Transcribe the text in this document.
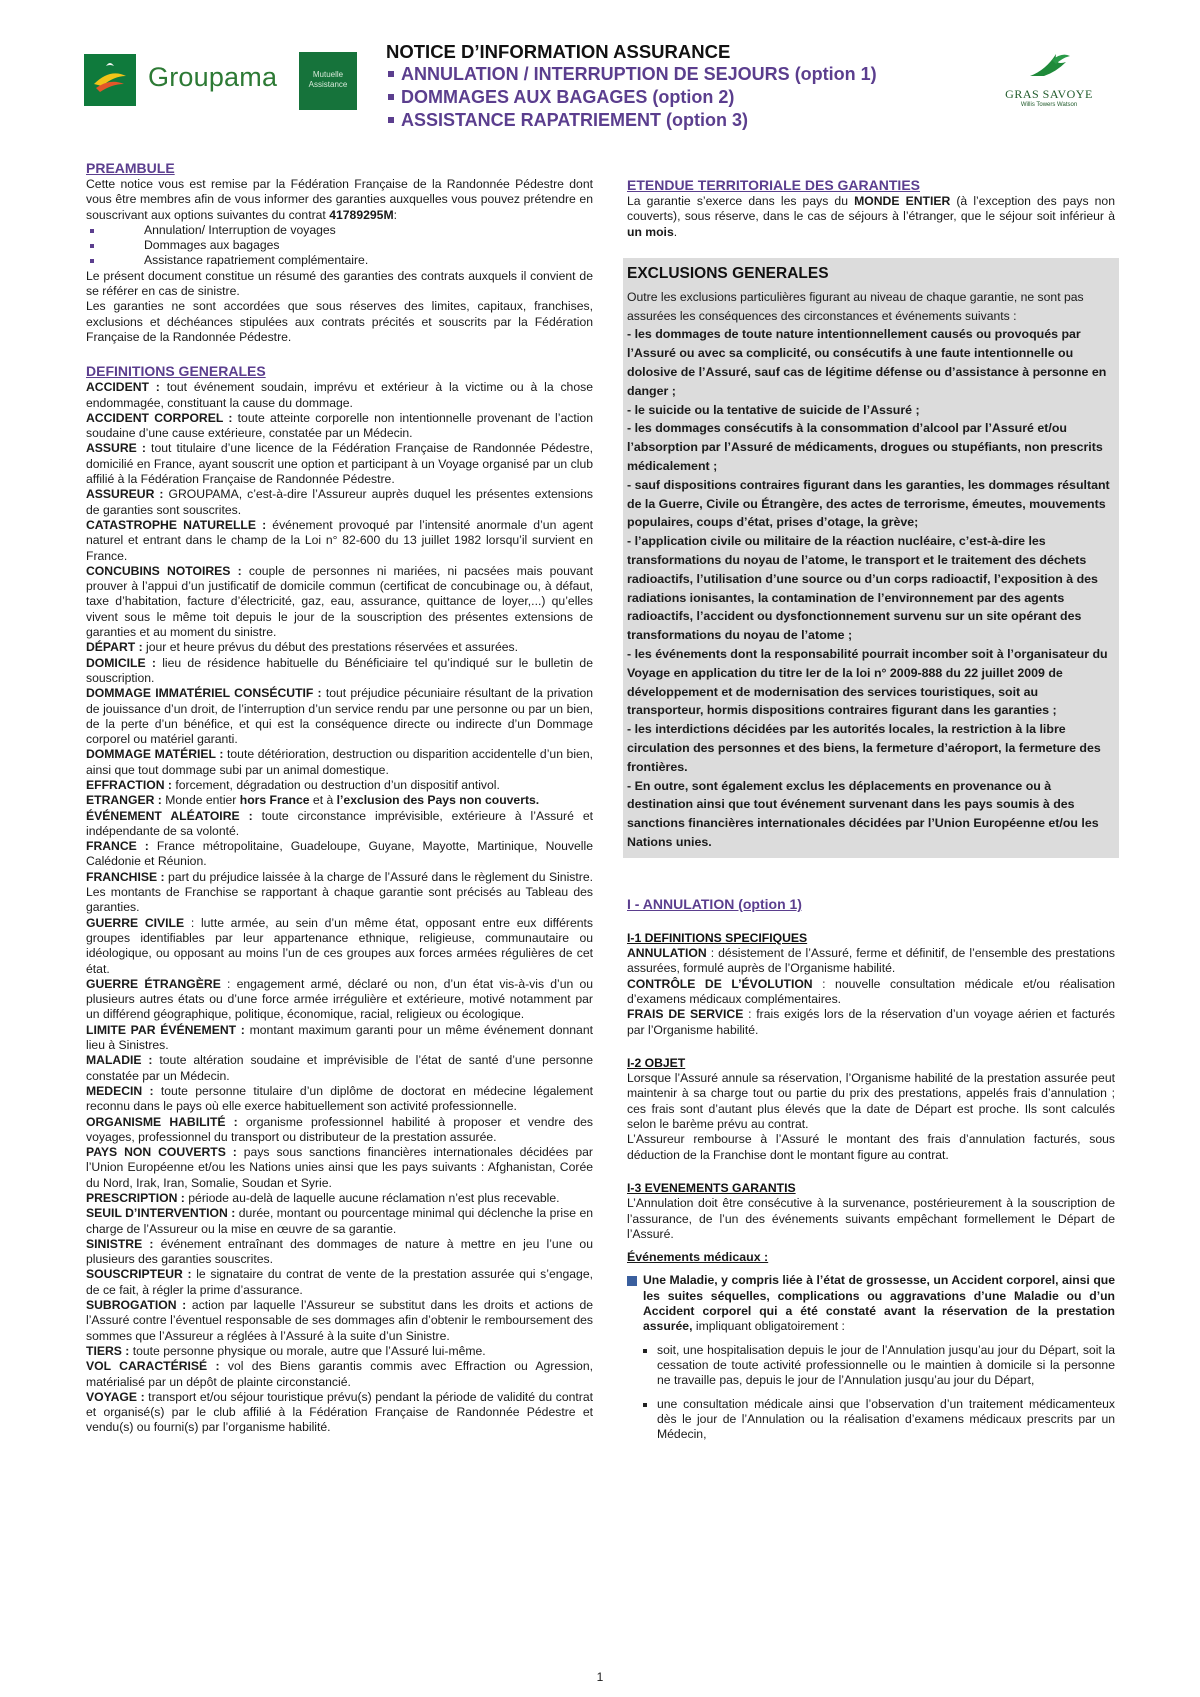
Groupama	Mutuelle Assistance
NOTICE D’INFORMATION ASSURANCE
ANNULATION / INTERRUPTION DE SEJOURS (option 1)
DOMMAGES AUX BAGAGES (option 2)
ASSISTANCE RAPATRIEMENT (option 3)
GRAS SAVOYE
Willis Towers Watson
PREAMBULE

Cette notice vous est remise par la Fédération Française de la Randonnée Pédestre dont vous être membres afin de vous informer des garanties auxquelles vous pouvez prétendre en souscrivant aux options suivantes du contrat 41789295M:

Annulation/ Interruption de voyages
Dommages aux bagages
Assistance rapatriement complémentaire.

Le présent document constitue un résumé des garanties des contrats auxquels il convient de se référer en cas de sinistre.

Les garanties ne sont accordées que sous réserves des limites, capitaux, franchises, exclusions et déchéances stipulées aux contrats précités et souscrits par la Fédération Française de la Randonnée Pédestre.

DEFINITIONS GENERALES

ACCIDENT : tout événement soudain, imprévu et extérieur à la victime ou à la chose endommagée, constituant la cause du dommage.

ACCIDENT CORPOREL : toute atteinte corporelle non intentionnelle provenant de l’action soudaine d’une cause extérieure, constatée par un Médecin.

ASSURE : tout titulaire d’une licence de la Fédération Française de Randonnée Pédestre, domicilié en France, ayant souscrit une option et participant à un Voyage organisé par un club affilié à la Fédération Française de Randonnée Pédestre.

ASSUREUR : GROUPAMA, c’est-à-dire l’Assureur auprès duquel les présentes extensions de garanties sont souscrites.

CATASTROPHE NATURELLE : événement provoqué par l’intensité anormale d’un agent naturel et entrant dans le champ de la Loi n° 82-600 du 13 juillet 1982 lorsqu’il survient en France.

CONCUBINS NOTOIRES : couple de personnes ni mariées, ni pacsées mais pouvant prouver à l’appui d’un justificatif de domicile commun (certificat de concubinage ou, à défaut, taxe d’habitation, facture d’électricité, gaz, eau, assurance, quittance de loyer,...) qu’elles vivent sous le même toit depuis le jour de la souscription des présentes extensions de garanties et au moment du sinistre.

DÉPART : jour et heure prévus du début des prestations réservées et assurées.

DOMICILE : lieu de résidence habituelle du Bénéficiaire tel qu’indiqué sur le bulletin de souscription.

DOMMAGE IMMATÉRIEL CONSÉCUTIF : tout préjudice pécuniaire résultant de la privation de jouissance d’un droit, de l’interruption d’un service rendu par une personne ou par un bien, de la perte d’un bénéfice, et qui est la conséquence directe ou indirecte d’un Dommage corporel ou matériel garanti.

DOMMAGE MATÉRIEL : toute détérioration, destruction ou disparition accidentelle d’un bien, ainsi que tout dommage subi par un animal domestique.

EFFRACTION : forcement, dégradation ou destruction d’un dispositif antivol.

ETRANGER : Monde entier hors France et à l’exclusion des Pays non couverts.

ÉVÉNEMENT ALÉATOIRE : toute circonstance imprévisible, extérieure à l’Assuré et indépendante de sa volonté.

FRANCE : France métropolitaine, Guadeloupe, Guyane, Mayotte, Martinique, Nouvelle Calédonie et Réunion.

FRANCHISE : part du préjudice laissée à la charge de l’Assuré dans le règlement du Sinistre. Les montants de Franchise se rapportant à chaque garantie sont précisés au Tableau des garanties.

GUERRE CIVILE : lutte armée, au sein d’un même état, opposant entre eux différents groupes identifiables par leur appartenance ethnique, religieuse, communautaire ou idéologique, ou opposant au moins l’un de ces groupes aux forces armées régulières de cet état.

GUERRE ÉTRANGÈRE : engagement armé, déclaré ou non, d’un état vis-à-vis d’un ou plusieurs autres états ou d’une force armée irrégulière et extérieure, motivé notamment par un différend géographique, politique, économique, racial, religieux ou écologique.

LIMITE PAR ÉVÉNEMENT : montant maximum garanti pour un même événement donnant lieu à Sinistres.

MALADIE : toute altération soudaine et imprévisible de l’état de santé d’une personne constatée par un Médecin.

MEDECIN : toute personne titulaire d’un diplôme de doctorat en médecine légalement reconnu dans le pays où elle exerce habituellement son activité professionnelle.

ORGANISME HABILITÉ : organisme professionnel habilité à proposer et vendre des voyages, professionnel du transport ou distributeur de la prestation assurée.

PAYS NON COUVERTS : pays sous sanctions financières internationales décidées par l’Union Européenne et/ou les Nations unies ainsi que les pays suivants : Afghanistan, Corée du Nord, Irak, Iran, Somalie, Soudan et Syrie.

PRESCRIPTION : période au-delà de laquelle aucune réclamation n’est plus recevable.

SEUIL D’INTERVENTION : durée, montant ou pourcentage minimal qui déclenche la prise en charge de l’Assureur ou la mise en œuvre de sa garantie.

SINISTRE : événement entraînant des dommages de nature à mettre en jeu l’une ou plusieurs des garanties souscrites.

SOUSCRIPTEUR : le signataire du contrat de vente de la prestation assurée qui s’engage, de ce fait, à régler la prime d’assurance.

SUBROGATION : action par laquelle l’Assureur se substitut dans les droits et actions de l’Assuré contre l’éventuel responsable de ses dommages afin d’obtenir le remboursement des sommes que l’Assureur a réglées à l’Assuré à la suite d’un Sinistre.

TIERS : toute personne physique ou morale, autre que l’Assuré lui-même.

VOL CARACTÉRISÉ : vol des Biens garantis commis avec Effraction ou Agression, matérialisé par un dépôt de plainte circonstancié.

VOYAGE : transport et/ou séjour touristique prévu(s) pendant la période de validité du contrat et organisé(s) par le club affilié à la Fédération Française de Randonnée Pédestre et vendu(s) ou fourni(s) par l’organisme habilité.

ETENDUE TERRITORIALE DES GARANTIES

La garantie s’exerce dans les pays du MONDE ENTIER (à l’exception des pays non couverts), sous réserve, dans le cas de séjours à l’étranger, que le séjour soit inférieur à un mois.

EXCLUSIONS GENERALES
Outre les exclusions particulières figurant au niveau de chaque garantie, ne sont pas assurées les conséquences des circonstances et événements suivants :
- les dommages de toute nature intentionnellement causés ou provoqués par l’Assuré ou avec sa complicité, ou consécutifs à une faute intentionnelle ou dolosive de l’Assuré, sauf cas de légitime défense ou d’assistance à personne en danger ;
- le suicide ou la tentative de suicide de l’Assuré ;
- les dommages consécutifs à la consommation d’alcool par l’Assuré et/ou l’absorption par l’Assuré de médicaments, drogues ou stupéfiants, non prescrits médicalement ;
- sauf dispositions contraires figurant dans les garanties, les dommages résultant de la Guerre, Civile ou Étrangère, des actes de terrorisme, émeutes, mouvements populaires, coups d’état, prises d’otage, la grève;
- l’application civile ou militaire de la réaction nucléaire, c’est-à-dire les transformations du noyau de l’atome, le transport et le traitement des déchets radioactifs, l’utilisation d’une source ou d’un corps radioactif, l’exposition à des radiations ionisantes, la contamination de l’environnement par des agents radioactifs, l’accident ou dysfonctionnement survenu sur un site opérant des transformations du noyau de l’atome ;
- les événements dont la responsabilité pourrait incomber soit à l’organisateur du Voyage en application du titre Ier de la loi n° 2009-888 du 22 juillet 2009 de développement et de modernisation des services touristiques, soit au transporteur, hormis dispositions contraires figurant dans les garanties ;
- les interdictions décidées par les autorités locales, la restriction à la libre circulation des personnes et des biens, la fermeture d’aéroport, la fermeture des frontières.
- En outre, sont également exclus les déplacements en provenance ou à destination ainsi que tout événement survenant dans les pays soumis à des sanctions financières internationales décidées par l’Union Européenne et/ou les Nations unies.
I - ANNULATION (option 1)
I-1 DEFINITIONS SPECIFIQUES

ANNULATION : désistement de l’Assuré, ferme et définitif, de l’ensemble des prestations assurées, formulé auprès de l’Organisme habilité.

CONTRÔLE DE L’ÉVOLUTION : nouvelle consultation médicale et/ou réalisation d’examens médicaux complémentaires.

FRAIS DE SERVICE : frais exigés lors de la réservation d’un voyage aérien et facturés par l’Organisme habilité.

I-2 OBJET

Lorsque l’Assuré annule sa réservation, l’Organisme habilité de la prestation assurée peut maintenir à sa charge tout ou partie du prix des prestations, appelés frais d’annulation ; ces frais sont d’autant plus élevés que la date de Départ est proche. Ils sont calculés selon le barème prévu au contrat.

L’Assureur rembourse à l’Assuré le montant des frais d’annulation facturés, sous déduction de la Franchise dont le montant figure au contrat.

I-3 EVENEMENTS GARANTIS

L’Annulation doit être consécutive à la survenance, postérieurement à la souscription de l’assurance, de l’un des événements suivants empêchant formellement le Départ de l’Assuré.

Événements médicaux :
Une Maladie, y compris liée à l’état de grossesse, un Accident corporel, ainsi que les suites séquelles, complications ou aggravations d’une Maladie ou d’un Accident corporel qui a été constaté avant la réservation de la prestation assurée, impliquant obligatoirement :
soit, une hospitalisation depuis le jour de l’Annulation jusqu’au jour du Départ, soit la cessation de toute activité professionnelle ou le maintien à domicile si la personne ne travaille pas, depuis le jour de l’Annulation jusqu’au jour du Départ,
une consultation médicale ainsi que l’observation d’un traitement médicamenteux dès le jour de l’Annulation ou la réalisation d’examens médicaux prescrits par un Médecin,
1
